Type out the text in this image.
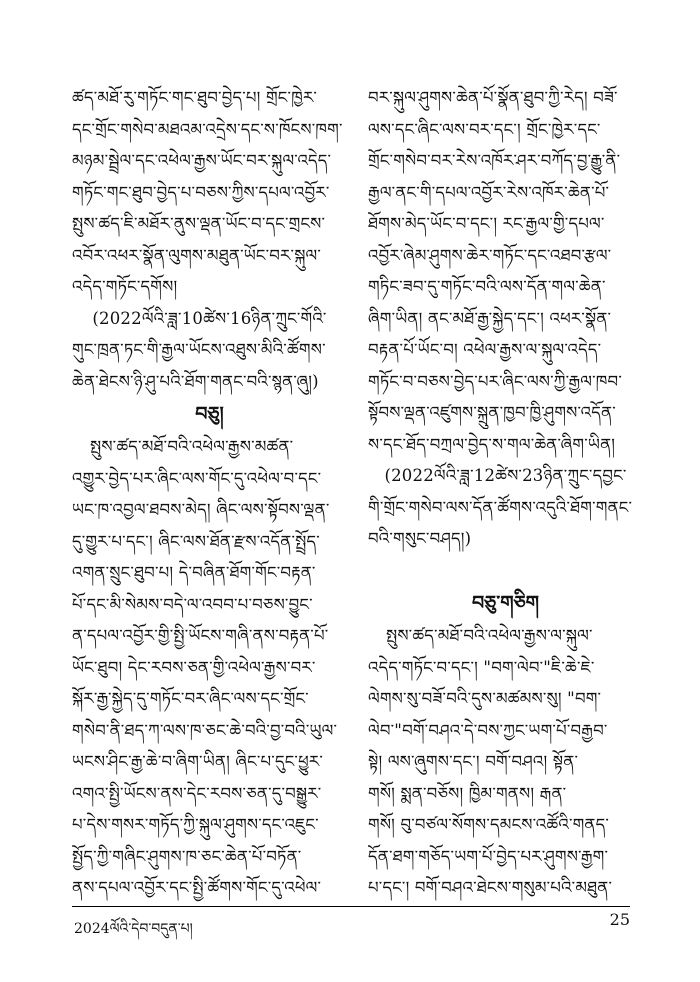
ཚད་མཐོ་རུ་གཏོང་གང་ཐུབ་བྱེད་པ། གྲོང་ཁྱེར་
དང་གྲོང་གསེབ་མཐའམ་འདྲེས་དང་ས་ཁོངས་ཁག་
མཉམ་སྦྲེལ་དང་འཕེལ་རྒྱས་ཡོང་བར་སྐུལ་འདེད་
གཏོང་གང་ཐུབ་བྱེད་པ་བཅས་ཀྱིས་དཔལ་འབྱོར་
སྤུས་ཚད་ཇི་མཐོར་ནུས་ལྡན་ཡོང་བ་དང་གྲངས་
འབོར་འཕར་སྣོན་ལུགས་མཐུན་ཡོང་བར་སྐུལ་
འདེད་གཏོང་དགོས།
(2022ལོའི་ཟླ་10ཚེས་16ཉིན་ཀྲུང་གོའི་
གུང་ཁྲན་ཏང་གི་རྒྱལ་ཡོངས་འཐུས་མིའི་ཚོགས་
ཆེན་ཐེངས་ཉི་ཤུ་པའི་ཐོག་གནང་བའི་སྙན་ཞུ།)
བཅུ།
སྤུས་ཚད་མཐོ་བའི་འཕེལ་རྒྱས་མཚན་
འགྱུར་བྱེད་པར་ཞིང་ལས་གོང་དུ་འཕེལ་བ་དང་
ཡང་ཁ་འབྱལ་ཐབས་མེད། ཞིང་ལས་སྟོབས་ལྡན་
དུ་གྱུར་པ་དང་། ཞིང་ལས་ཐོན་རྫས་འདོན་སྤྲོད་
འགན་སྲུང་ཐུབ་པ། དེ་བཞིན་ཐོག་གོང་བརྟན་
པོ་དང་མི་སེམས་བདེ་ལ་འབབ་པ་བཅས་བྱུང་
ན་དཔལ་འབྱོར་གྱི་སྤྱི་ཡོངས་གཞི་ནས་བརྟན་པོ་
ཡོང་ཐུབ། དེང་རབས་ཅན་གྱི་འཕེལ་རྒྱས་བར་
སྐོར་རྒྱ་སྐྱེད་དུ་གཏོང་བར་ཞིང་ལས་དང་གྲོང་
གསེབ་ནི་ཐད་ཀ་ལས་ཁ་ཅང་ཆེ་བའི་བྱ་བའི་ཡུལ་
ཡངས་ཤིང་རྒྱ་ཆེ་བ་ཞིག་ཡིན། ཞིང་པ་དུང་ཕྱུར་
འགའ་སྤྱི་ཡོངས་ནས་དེང་རབས་ཅན་དུ་བསྒྱུར་
པ་དེས་གསར་གཏོད་ཀྱི་སྐུལ་ཤུགས་དང་འཇུང་
སྤྱོད་ཀྱི་གཞིང་ཤུགས་ཁ་ཅང་ཆེན་པོ་བཏོན་
ནས་དཔལ་འབྱོར་དང་སྤྱི་ཚོགས་གོང་དུ་འཕེལ་
བར་སྐུལ་ཤུགས་ཆེན་པོ་སྣོན་ཐུབ་ཀྱི་རེད། བཟོ་
ལས་དང་ཞིང་ལས་བར་དང་། གྲོང་ཁྱེར་དང་
གྲོང་གསེབ་བར་རེས་འཁོར་ཤར་བཀོད་བྱ་རྒྱུ་ནི་
རྒྱལ་ནང་གི་དཔལ་འབྱོར་རེས་འཁོར་ཆེན་པོ་
ཐོགས་མེད་ཡོང་བ་དང་། རང་རྒྱལ་གྱི་དཔལ་
འབྱོར་ཞེམ་ཤུགས་ཆེར་གཏོང་དང་འཐབ་རྩལ་
གཏིང་ཟབ་དུ་གཏོང་བའི་ལས་དོན་གལ་ཆེན་
ཞིག་ཡིན། ནང་མཐོ་རྒྱ་སྐྱེད་དང་། འཕར་སྣོན་
བརྟན་པོ་ཡོང་བ། འཕེལ་རྒྱས་ལ་སྐུལ་འདེད་
གཏོང་བ་བཅས་བྱེད་པར་ཞིང་ལས་ཀྱི་རྒྱལ་ཁབ་
སྟོབས་ལྡན་འཛུགས་སྐྲུན་ཁྱབ་ཁྱི་ཤུགས་འདོན་
ས་དང་ཐོད་བཀྲལ་བྱེད་ས་གལ་ཆེན་ཞིག་ཡིན།
(2022ལོའི་ཟླ་12ཚེས་23ཉིན་ཀྲུང་དབྱང་
གི་གྲོང་གསེབ་ལས་དོན་ཚོགས་འདུའི་ཐོག་གནང་
བའི་གསུང་བཤད།)
བཅུ་གཅིག
སྤུས་ཚད་མཐོ་བའི་འཕེལ་རྒྱས་ལ་སྐུལ་
འདེད་གཏོང་བ་དང་། "བག་ལེབ་"ཇི་ཆེ་ཇེ་
ལེགས་སུ་བཟོ་བའི་དུས་མཚམས་སུ། "བག་
ལེབ་"བགོ་བཤའ་དེ་བས་ཀྱང་ཡག་པོ་བརྒྱབ་
སྟེ། ལས་ཞུགས་དང་། བགོ་བཤའ། སྟོན་
གསོ། སྨན་བཅོས། ཁྱིམ་གནས། རྒན་
གསོ། བུ་བཙལ་སོགས་དམངས་འཚོའི་གནད་
དོན་ཐག་གཅོད་ཡག་པོ་བྱེད་པར་ཤུགས་རྒྱག་
པ་དང་། བགོ་བཤའ་ཐེངས་གསུམ་པའི་མཐུན་
2024ལོའི་དེབ་བདུན་པ།	25
